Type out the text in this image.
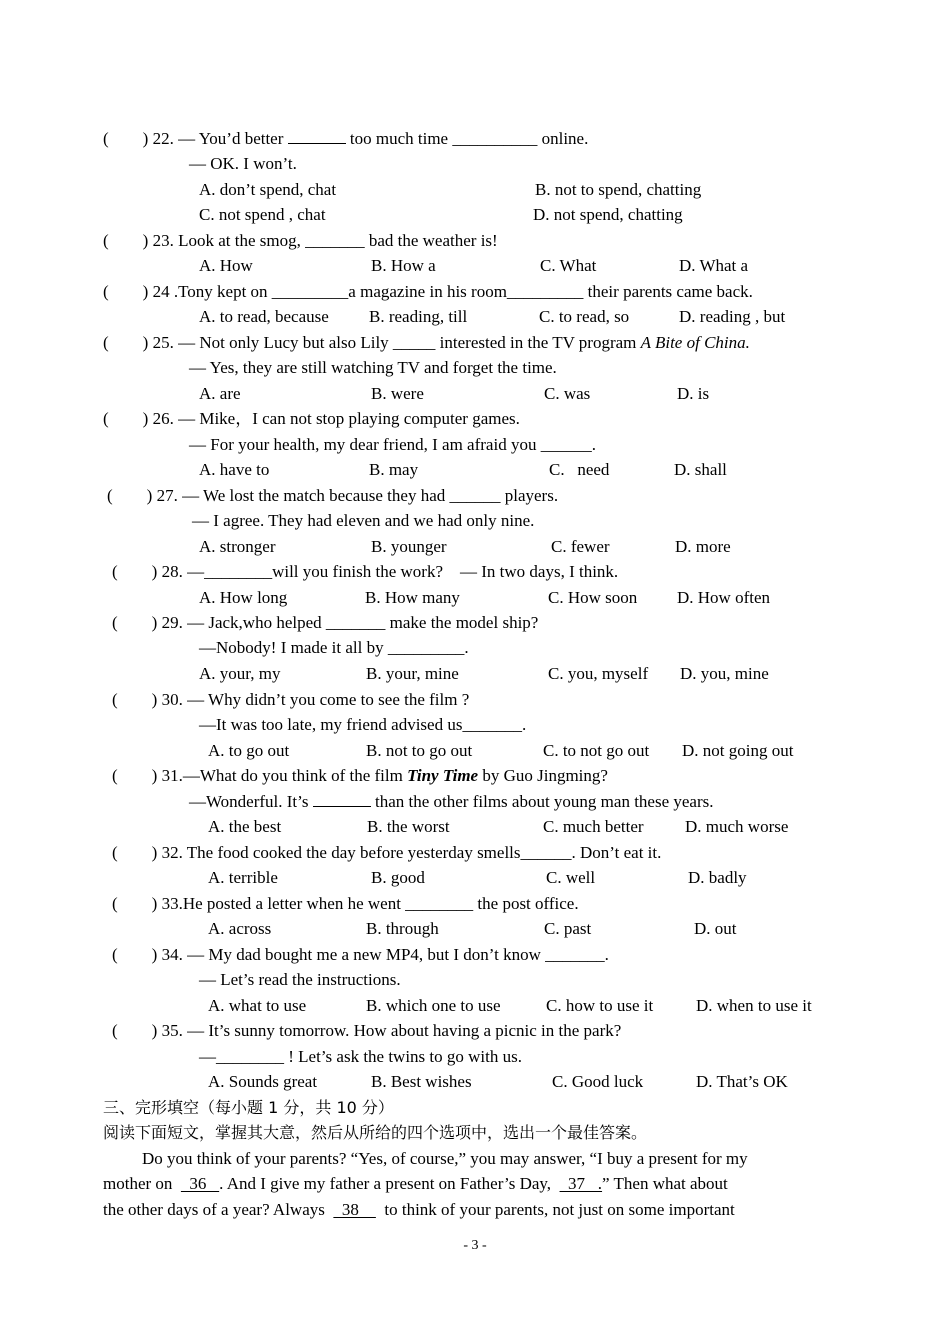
( ) 22. — You’d better	too much time __________ online.
— OK. I won’t.
A. don’t spend, chat	B. not to spend, chatting
C. not spend , chat	D. not spend, chatting
( ) 23. Look at the smog, _______ bad the weather is!
A. How	B. How a	C. What	D. What a
( ) 24 .Tony kept on _________a magazine in his room_________ their parents came back.
A. to read, because B. reading, till	C. to read, so	D. reading , but
( ) 25. — Not only Lucy but also Lily _____ interested in the TV program A Bite of China.
— Yes, they are still watching TV and forget the time.
A. are	B. were	C. was	D. is
( ) 26. — Mike，I can not stop playing computer games.
— For your health, my dear friend, I am afraid you ______.
A. have to	B. may	C.   need	D. shall
( ) 27. — We lost the match because they had ______ players.
— I agree. They had eleven and we had only nine.
A. stronger	B. younger	C. fewer	D. more
( ) 28. —________will you finish the work?    — In two days, I think.
A. How long	B. How many	C. How soon D. How often
( ) 29. — Jack,who helped _______ make the model ship?
—Nobody! I made it all by _________.
A. your, my	B. your, mine	C. you, myself D. you, mine
( ) 30. — Why didn’t you come to see the film ?
—It was too late, my friend advised us_______.
A. to go out	B. not to go out	C. to not go out D. not going out
( ) 31.—What do you think of the film Tiny Time by Guo Jingming?
—Wonderful. It’s	than the other films about young man these years.
A. the best	B. the worst	C. much better D. much worse
( ) 32. The food cooked the day before yesterday smells______. Don’t eat it.
A. terrible	B. good	C. well	D. badly
( ) 33.He posted a letter when he went ________ the post office.
A. across	B. through	C. past	D. out
( ) 34. — My dad bought me a new MP4, but I don’t know _______.
— Let’s read the instructions.
A. what to use	B. which one to use	C. how to use it	D. when to use it
( ) 35. — It’s sunny tomorrow. How about having a picnic in the park?
—________ ! Let’s ask the twins to go with us.
A. Sounds great	B. Best wishes	C. Good luck	D. That’s OK
三、完形填空（每小题 1 分，共 10 分）
阅读下面短文，掌握其大意，然后从所给的四个选项中，选出一个最佳答案。
Do you think of your parents? “Yes, of course,” you may answer, “I buy a present for my
mother on    36   . And I give my father a present on Father’s Day,    37   .” Then what about
the other days of a year? Always    38      to think of your parents, not just on some important
- 3 -
